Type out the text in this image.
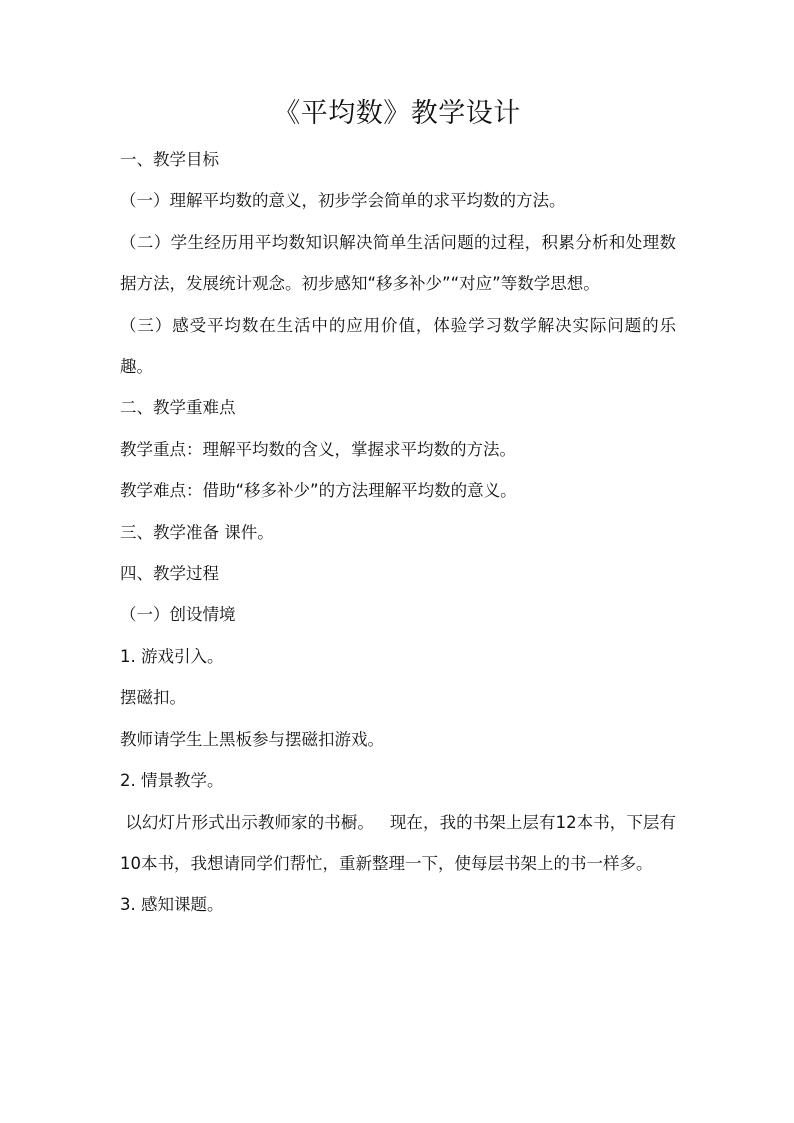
《平均数》教学设计

一、教学目标

（一）理解平均数的意义，初步学会简单的求平均数的方法。

（二）学生经历用平均数知识解决简单生活问题的过程，积累分析和处理数据方法，发展统计观念。初步感知“移多补少”“对应”等数学思想。

（三）感受平均数在生活中的应用价值，体验学习数学解决实际问题的乐趣。

二、教学重难点

教学重点：理解平均数的含义，掌握求平均数的方法。

教学难点：借助“移多补少”的方法理解平均数的意义。

三、教学准备 课件。

四、教学过程

（一）创设情境

1. 游戏引入。

摆磁扣。

教师请学生上黑板参与摆磁扣游戏。

2. 情景教学。

以幻灯片形式出示教师家的书橱。   现在，我的书架上层有12本书，下层有10本书，我想请同学们帮忙，重新整理一下，使每层书架上的书一样多。

3. 感知课题。
